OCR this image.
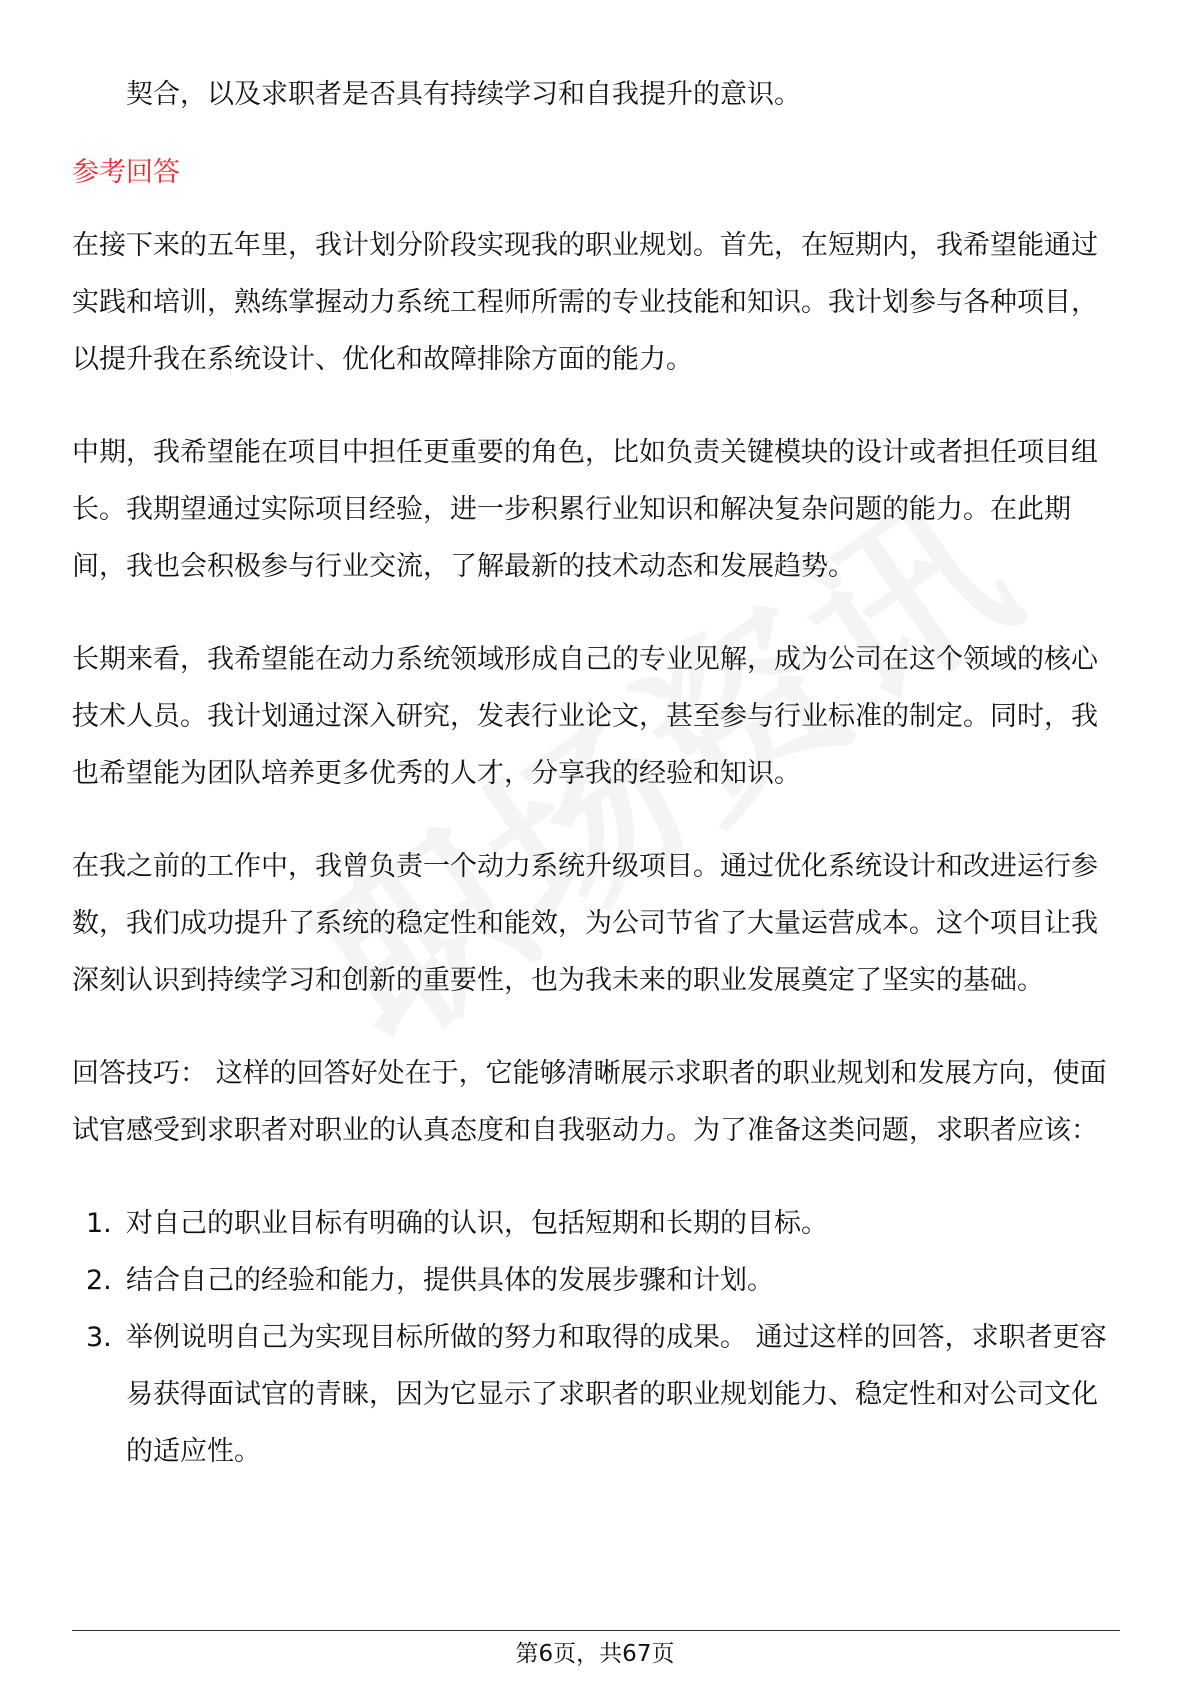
契合，以及求职者是否具有持续学习和自我提升的意识。

参考回答

在接下来的五年里，我计划分阶段实现我的职业规划。首先，在短期内，我希望能通过实践和培训，熟练掌握动力系统工程师所需的专业技能和知识。我计划参与各种项目，以提升我在系统设计、优化和故障排除方面的能力。

中期，我希望能在项目中担任更重要的角色，比如负责关键模块的设计或者担任项目组长。我期望通过实际项目经验，进一步积累行业知识和解决复杂问题的能力。在此期间，我也会积极参与行业交流，了解最新的技术动态和发展趋势。

长期来看，我希望能在动力系统领域形成自己的专业见解，成为公司在这个领域的核心技术人员。我计划通过深入研究，发表行业论文，甚至参与行业标准的制定。同时，我也希望能为团队培养更多优秀的人才，分享我的经验和知识。

在我之前的工作中，我曾负责一个动力系统升级项目。通过优化系统设计和改进运行参数，我们成功提升了系统的稳定性和能效，为公司节省了大量运营成本。这个项目让我深刻认识到持续学习和创新的重要性，也为我未来的职业发展奠定了坚实的基础。

回答技巧： 这样的回答好处在于，它能够清晰展示求职者的职业规划和发展方向，使面试官感受到求职者对职业的认真态度和自我驱动力。为了准备这类问题，求职者应该：

1. 对自己的职业目标有明确的认识，包括短期和长期的目标。
2. 结合自己的经验和能力，提供具体的发展步骤和计划。
3. 举例说明自己为实现目标所做的努力和取得的成果。 通过这样的回答，求职者更容易获得面试官的青睐，因为它显示了求职者的职业规划能力、稳定性和对公司文化的适应性。
第6页，共67页
